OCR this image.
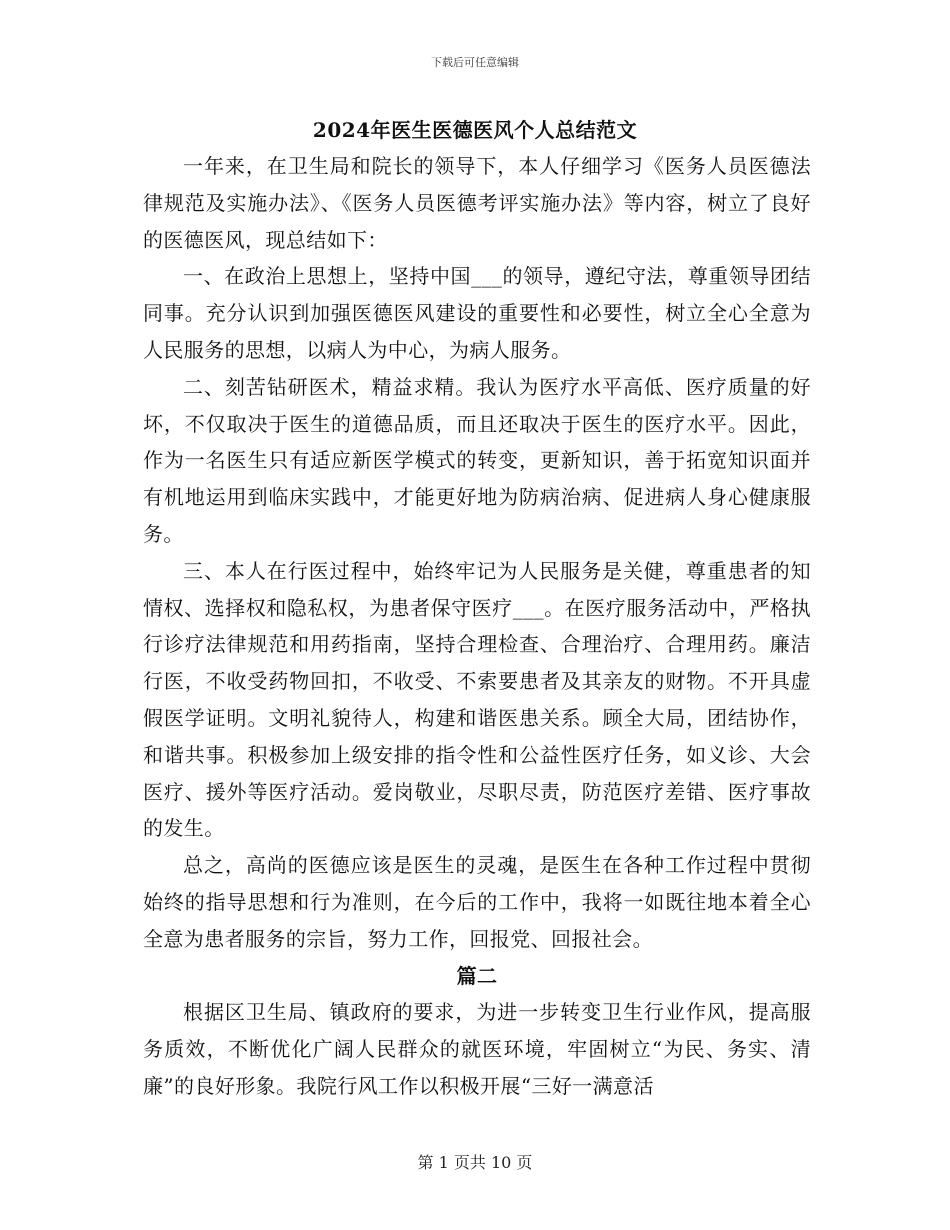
下载后可任意编辑
2024年医生医德医风个人总结范文

一年来，在卫生局和院长的领导下，本人仔细学习《医务人员医德法律规范及实施办法》、《医务人员医德考评实施办法》等内容，树立了良好的医德医风，现总结如下：

一、在政治上思想上，坚持中国___的领导，遵纪守法，尊重领导团结同事。充分认识到加强医德医风建设的重要性和必要性，树立全心全意为人民服务的思想，以病人为中心，为病人服务。

二、刻苦钻研医术，精益求精。我认为医疗水平高低、医疗质量的好坏，不仅取决于医生的道德品质，而且还取决于医生的医疗水平。因此，作为一名医生只有适应新医学模式的转变，更新知识，善于拓宽知识面并有机地运用到临床实践中，才能更好地为防病治病、促进病人身心健康服务。

三、本人在行医过程中，始终牢记为人民服务是关健，尊重患者的知情权、选择权和隐私权，为患者保守医疗___。在医疗服务活动中，严格执行诊疗法律规范和用药指南，坚持合理检查、合理治疗、合理用药。廉洁行医，不收受药物回扣，不收受、不索要患者及其亲友的财物。不开具虚假医学证明。文明礼貌待人，构建和谐医患关系。顾全大局，团结协作，和谐共事。积极参加上级安排的指令性和公益性医疗任务，如义诊、大会医疗、援外等医疗活动。爱岗敬业，尽职尽责，防范医疗差错、医疗事故的发生。

总之，高尚的医德应该是医生的灵魂，是医生在各种工作过程中贯彻始终的指导思想和行为准则，在今后的工作中，我将一如既往地本着全心全意为患者服务的宗旨，努力工作，回报党、回报社会。

篇二

根据区卫生局、镇政府的要求，为进一步转变卫生行业作风，提高服务质效，不断优化广阔人民群众的就医环境，牢固树立“为民、务实、清廉”的良好形象。我院行风工作以积极开展“三好一满意活

第 1 页共 10 页
